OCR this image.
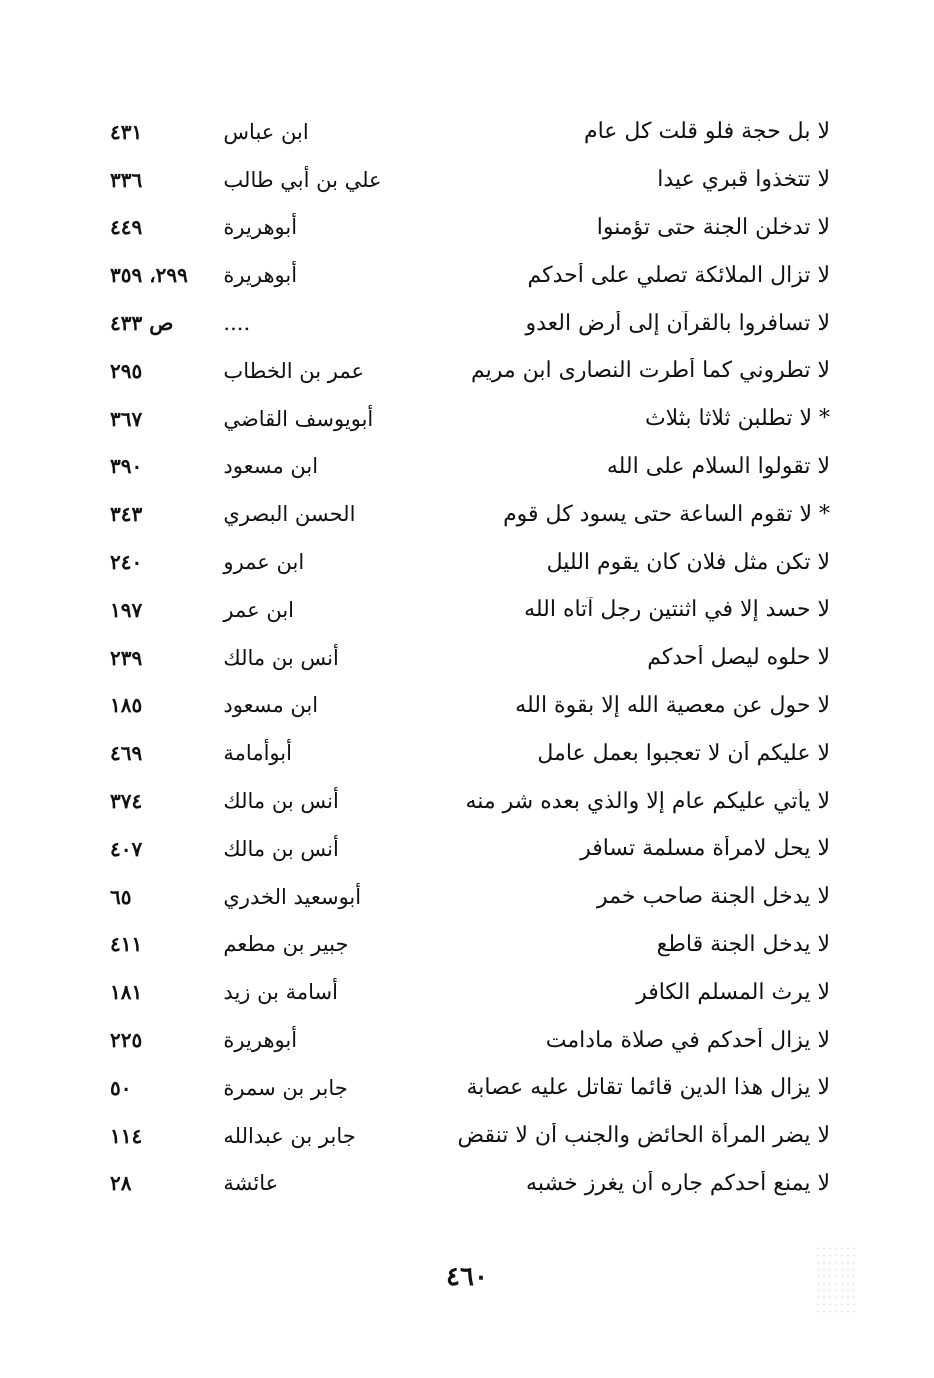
لا بل حجة فلو قلت كل عام
ابن عباس
٤٣١
لا تتخذوا قبري عيدا
علي بن أبي طالب
٣٣٦
لا تدخلن الجنة حتى تؤمنوا
أبوهريرة
٤٤٩
لا تزال الملائكة تصلي على أحدكم
أبوهريرة
٢٩٩، ٣٥٩
لا تسافروا بالقرآن إلى أرض العدو
....
ص ٤٣٣
لا تطروني كما أطرت النصارى ابن مريم
عمر بن الخطاب
٢٩٥
* لا تطلبن ثلاثا بثلاث
أبويوسف القاضي
٣٦٧
لا تقولوا السلام على الله
ابن مسعود
٣٩٠
* لا تقوم الساعة حتى يسود كل قوم
الحسن البصري
٣٤٣
لا تكن مثل فلان كان يقوم الليل
ابن عمرو
٢٤٠
لا حسد إلا في اثنتين رجل آتاه الله
ابن عمر
١٩٧
لا حلوه ليصل أحدكم
أنس بن مالك
٢٣٩
لا حول عن معصية الله إلا بقوة الله
ابن مسعود
١٨٥
لا عليكم أن لا تعجبوا بعمل عامل
أبوأمامة
٤٦٩
لا يأتي عليكم عام إلا والذي بعده شر منه
أنس بن مالك
٣٧٤
لا يحل لامرأة مسلمة تسافر
أنس بن مالك
٤٠٧
لا يدخل الجنة صاحب خمر
أبوسعيد الخدري
٦٥
لا يدخل الجنة قاطع
جبير بن مطعم
٤١١
لا يرث المسلم الكافر
أسامة بن زيد
١٨١
لا يزال أحدكم في صلاة مادامت
أبوهريرة
٢٢٥
لا يزال هذا الدين قائما تقاتل عليه عصابة
جابر بن سمرة
٥٠
لا يضر المرأة الحائض والجنب أن لا تنقض
جابر بن عبدالله
١١٤
لا يمنع أحدكم جاره أن يغرز خشبه
عائشة
٢٨
٤٦٠
